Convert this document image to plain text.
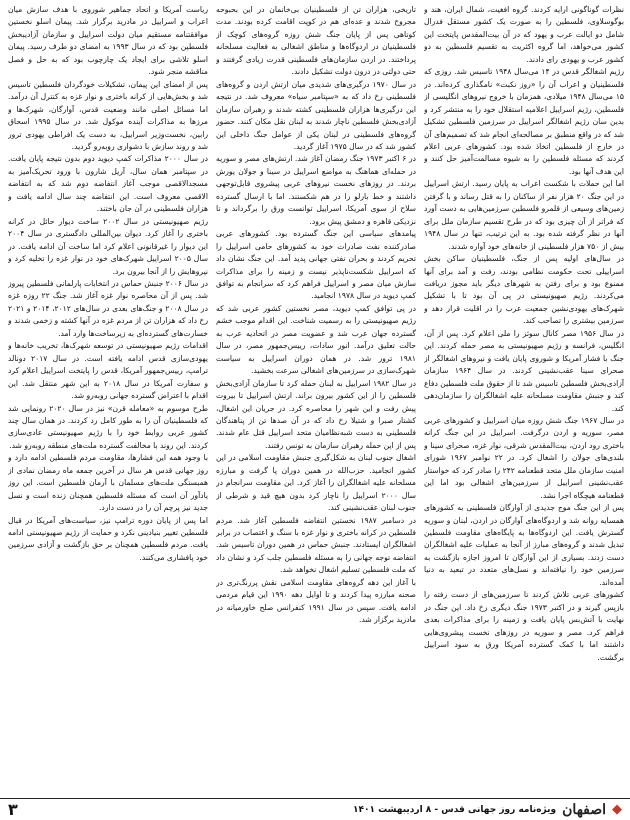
نظرات گوناگونی ارایه کردند. گروه افغیت، شمال ایران، هند و بوگوسلاوی، فلسطین را به صورت یک کشور مستقل فدرال شامل دو ایالت عرب و یهود که در آن بیت‌المقدس پایتخت این کشور می‌خواهد، اما گروه اکثریت به تقسیم فلسطین به دو کشور عرب و یهودی رای دادند.

رژیم اشغالگر قدس در ۱۴ می‌سال ۱۹۴۸ تاسیس شد. روزی که فلسطینیان و اعراب آن را «روز نکبت» نامگذاری کرده‌اند. در ۱۵ می‌سال ۱۹۴۸ میلادی، همزمان با خروج نیروهای انگلیسی از فلسطین، رژیم اسراییل اعلامیه استقلال خود را به منتشر کرد و بدین سان رژیم اشغالگر اسراییل در سرزمین فلسطین تشکیل شد که در واقع منطبق بر مصالحه‌ای انجام شد که تصمیم‌های آن در خارج از فلسطین اتخاذ شده بود. کشورهای عربی اعلام کردند که مسئله فلسطین را به شیوه مسالمت‌آمیز حل کنند و این هدف آنها بود.

اما این حملات با شکست اعراب به پایان رسید. ارتش اسراییل در این جنگ ۲۰ هزار نفر از ساکنان را به قتل رساند و با گرفتن زمین‌های وسیعی از قلمرو فلسطین سرزمین‌هایی به دست آورد که فراتر از آن چیزی بود که در طرح تقسیم سازمان ملل برای آنها در نظر گرفته شده بود. به این ترتیب، تنها در سال ۱۹۴۸ بیش از ۷۵۰ هزار فلسطینی از خانه‌های خود آواره شدند.

در سال‌های اولیه پس از جنگ، فلسطینیان ساکن بخش اسراییلی تحت حکومت نظامی بودند، رفت و آمد برای آنها ممنوع بود و برای رفتن به شهرهای دیگر باید مجوز دریافت می‌کردند. رژیم صهیونیستی در پی آن بود تا با تشکیل شهرک‌های یهودی‌نشین جمعیت عرب را در اقلیت قرار دهد و سرزمین بیشتری را تصاحب کند.

در سال ۱۹۵۶ مصر کانال سوئز را ملی اعلام کرد. پس از آن، انگلیس، فرانسه و رژیم صهیونیستی به مصر حمله کردند. این جنگ با فشار آمریکا و شوروی پایان یافت و نیروهای اشغالگر از صحرای سینا عقب‌نشینی کردند. در سال ۱۹۶۴ سازمان آزادی‌بخش فلسطین تاسیس شد تا از حقوق ملت فلسطین دفاع کند و جنبش مقاومت مسلحانه علیه اشغالگران را سازمان‌دهی کند.

در سال ۱۹۶۷ جنگ شش روزه میان اسراییل و کشورهای عربی مصر، سوریه و اردن درگرفت. اسراییل در این جنگ کرانه باختری رود اردن، بیت‌المقدس شرقی، نوار غزه، صحرای سینا و بلندی‌های جولان را اشغال کرد. در ۲۲ نوامبر ۱۹۶۷ شورای امنیت سازمان ملل متحد قطعنامه ۲۴۲ را صادر کرد که خواستار عقب‌نشینی اسراییل از سرزمین‌های اشغالی بود اما این قطعنامه هیچگاه اجرا نشد.

پس از این جنگ موج جدیدی از آوارگان فلسطینی به کشورهای همسایه روانه شد و اردوگاه‌های آوارگان در اردن، لبنان و سوریه گسترش یافت. این اردوگاه‌ها به پایگاه‌های مقاومت فلسطین تبدیل شدند و گروه‌های مبارز از آنجا به عملیات علیه اشغالگران دست زدند. بسیاری از این آوارگان تا امروز اجازه بازگشت به سرزمین خود را نیافته‌اند و نسل‌های متعدد در تبعید به دنیا آمده‌اند.

کشورهای عربی تلاش کردند تا سرزمین‌های از دست رفته را بازپس گیرند و در اکتبر ۱۹۷۳ جنگ دیگری رخ داد. این جنگ در نهایت با آتش‌بس پایان یافت و زمینه را برای مذاکرات بعدی فراهم کرد. مصر و سوریه در روزهای نخست پیشروی‌هایی داشتند اما با کمک گسترده آمریکا ورق به سود اسراییل برگشت.

تاریخی، هزاران تن از فلسطینیان بی‌خانمان در این بحبوحه مجروح شدند و عده‌ای هم در کوپت اقامت کرده بودند. مدت کوتاهی پس از پایان جنگ شش روزه گروه‌های کوچک از فلسطینیان در اردوگاه‌ها و مناطق اشغالی به فعالیت مسلحانه پرداختند. در اردن سازمان‌های فلسطینی قدرت زیادی گرفتند و حتی دولتی در درون دولت تشکیل دادند.

در سال ۱۹۷۰ درگیری‌های شدیدی میان ارتش اردن و گروه‌های فلسطینی رخ داد که به «سپتامبر سیاه» معروف شد. در نتیجه این درگیری‌ها هزاران فلسطینی کشته شدند و رهبران سازمان آزادی‌بخش فلسطین ناچار شدند به لبنان نقل مکان کنند. حضور گروه‌های فلسطینی در لبنان یکی از عوامل جنگ داخلی این کشور شد که در سال ۱۹۷۵ آغاز گردید.

در ۶ اکتبر ۱۹۷۳ جنگ رمضان آغاز شد. ارتش‌های مصر و سوریه در حمله‌ای هماهنگ به مواضع اسراییل در سینا و جولان یورش بردند. در روزهای نخست نیروهای عربی پیشروی قابل‌توجهی داشتند و خط بارلو را در هم شکستند. اما با ارسال گسترده سلاح از سوی آمریکا، اسراییل توانست ورق را برگرداند و تا نزدیکی قاهره و دمشق پیش برود.

پیامدهای سیاسی این جنگ گسترده بود. کشورهای عربی صادرکننده نفت صادرات خود به کشورهای حامی اسراییل را تحریم کردند و بحران نفتی جهانی پدید آمد. این جنگ نشان داد که اسراییل شکست‌ناپذیر نیست و زمینه را برای مذاکرات سازش میان مصر و اسراییل فراهم کرد که سرانجام به توافق کمپ دیوید در سال ۱۹۷۸ انجامید.

در پی توافق کمپ دیوید، مصر نخستین کشور عربی شد که رژیم صهیونیستی را به رسمیت شناخت. این اقدام موجب خشم گسترده جهان عرب شد و عضویت مصر در اتحادیه عرب به حالت تعلیق درآمد. انور سادات، رییس‌جمهور مصر، در سال ۱۹۸۱ ترور شد. در همان دوران اسراییل به سیاست شهرک‌سازی در سرزمین‌های اشغالی سرعت بخشید.

در سال ۱۹۸۲ اسراییل به لبنان حمله کرد تا سازمان آزادی‌بخش فلسطین را از این کشور بیرون براند. ارتش اسراییل تا بیروت پیش رفت و این شهر را محاصره کرد. در جریان این اشغال، کشتار صبرا و شتیلا رخ داد که در آن صدها تن از پناهندگان فلسطینی به دست شبه‌نظامیان متحد اسراییل قتل عام شدند. پس از این حمله رهبران سازمان به تونس رفتند.

اشغال جنوب لبنان به شکل‌گیری جنبش مقاومت اسلامی در این کشور انجامید. حزب‌الله در همین دوران پا گرفت و مبارزه مسلحانه علیه اشغالگران را آغاز کرد. این مقاومت سرانجام در سال ۲۰۰۰ اسراییل را ناچار کرد بدون هیچ قید و شرطی از جنوب لبنان عقب‌نشینی کند.

در دسامبر ۱۹۸۷ نخستین انتفاضه فلسطین آغاز شد. مردم فلسطین در کرانه باختری و نوار غزه با سنگ و اعتصاب در برابر اشغالگران ایستادند. جنبش حماس در همین دوران تاسیس شد. انتفاضه توجه جهانی را به مسئله فلسطین جلب کرد و نشان داد که ملت فلسطین تسلیم اشغال نخواهد شد.

با آغاز این دهه گروه‌های مقاومت اسلامی نقش پررنگ‌تری در صحنه مبارزه پیدا کردند و تا اوایل دهه ۱۹۹۰ این قیام مردمی ادامه یافت. سپس در سال ۱۹۹۱ کنفرانس صلح خاورمیانه در مادرید برگزار شد.

ریاست آمریکا و اتحاد جماهیر شوروی با هدف سازش میان اعراب و اسراییل در مادرید برگزار شد. پیمان اسلو نخستین موافقتنامه مستقیم میان دولت اسراییل و سازمان آزادیبخش فلسطین بود که در سال ۱۹۹۳ به امضای دو طرف رسید. پیمان اسلو تلاشی برای ایجاد یک چارچوب بود که به حل و فصل مناقشه منجر شود.

پس از امضای این پیمان، تشکیلات خودگردان فلسطین تاسیس شد و بخش‌هایی از کرانه باختری و نوار غزه به کنترل آن درآمد. اما مسائل اصلی مانند وضعیت قدس، آوارگان، شهرک‌ها و مرزها به مذاکرات آینده موکول شد. در سال ۱۹۹۵ اسحاق رابین، نخست‌وزیر اسراییل، به دست یک افراطی یهودی ترور شد و روند سازش با دشواری روبه‌رو گردید.

در سال ۲۰۰۰ مذاکرات کمپ دیوید دوم بدون نتیجه پایان یافت. در سپتامبر همان سال، آریل شارون با ورود تحریک‌آمیز به مسجدالاقصی موجب آغاز انتفاضه دوم شد که به انتفاضه الاقصی معروف است. این انتفاضه چند سال ادامه یافت و هزاران فلسطینی در آن جان باختند.

رژیم صهیونیستی در سال ۲۰۰۲ ساخت دیوار حائل در کرانه باختری را آغاز کرد. دیوان بین‌المللی دادگستری در سال ۲۰۰۴ این دیوار را غیرقانونی اعلام کرد اما ساخت آن ادامه یافت. در سال ۲۰۰۵ اسراییل شهرک‌های خود در نوار غزه را تخلیه کرد و نیروهایش را از آنجا بیرون برد.

در سال ۲۰۰۶ جنبش حماس در انتخابات پارلمانی فلسطین پیروز شد. پس از آن محاصره نوار غزه آغاز شد. جنگ ۲۲ روزه غزه در سال ۲۰۰۸ و جنگ‌های بعدی در سال‌های ۲۰۱۲، ۲۰۱۴ و ۲۰۲۱ رخ داد که هزاران تن از مردم غزه در آنها کشته و زخمی شدند و خسارت‌های گسترده‌ای به زیرساخت‌ها وارد آمد.

اقدامات رژیم صهیونیستی در توسعه شهرک‌ها، تخریب خانه‌ها و یهودی‌سازی قدس ادامه یافته است. در سال ۲۰۱۷ دونالد ترامپ، رییس‌جمهور آمریکا، قدس را پایتخت اسراییل اعلام کرد و سفارت آمریکا در سال ۲۰۱۸ به این شهر منتقل شد. این اقدام با اعتراض گسترده جهانی روبه‌رو شد.

طرح موسوم به «معامله قرن» نیز در سال ۲۰۲۰ رونمایی شد که فلسطینیان آن را به طور کامل رد کردند. در همان سال چند کشور عربی روابط خود را با رژیم صهیونیستی عادی‌سازی کردند. این روند با مخالفت گسترده ملت‌های منطقه روبه‌رو شد.

با وجود همه این فشارها، مقاومت مردم فلسطین ادامه دارد و روز جهانی قدس هر سال در آخرین جمعه ماه رمضان نمادی از همبستگی ملت‌های مسلمان با آرمان فلسطین است. این روز یادآور آن است که مسئله فلسطین همچنان زنده است و نسل جدید نیز پرچم آن را در دست دارد.

اما پس از پایان دوره ترامپ نیز، سیاست‌های آمریکا در قبال فلسطین تغییر بنیادینی نکرد و حمایت از رژیم صهیونیستی ادامه یافت. مردم فلسطین همچنان بر حق بازگشت و آزادی سرزمین خود پافشاری می‌کنند.

◆
اصفهان
ویژه‌نامه روز جهانی قدس - ۸ اردیبهشت ۱۴۰۱
۳
